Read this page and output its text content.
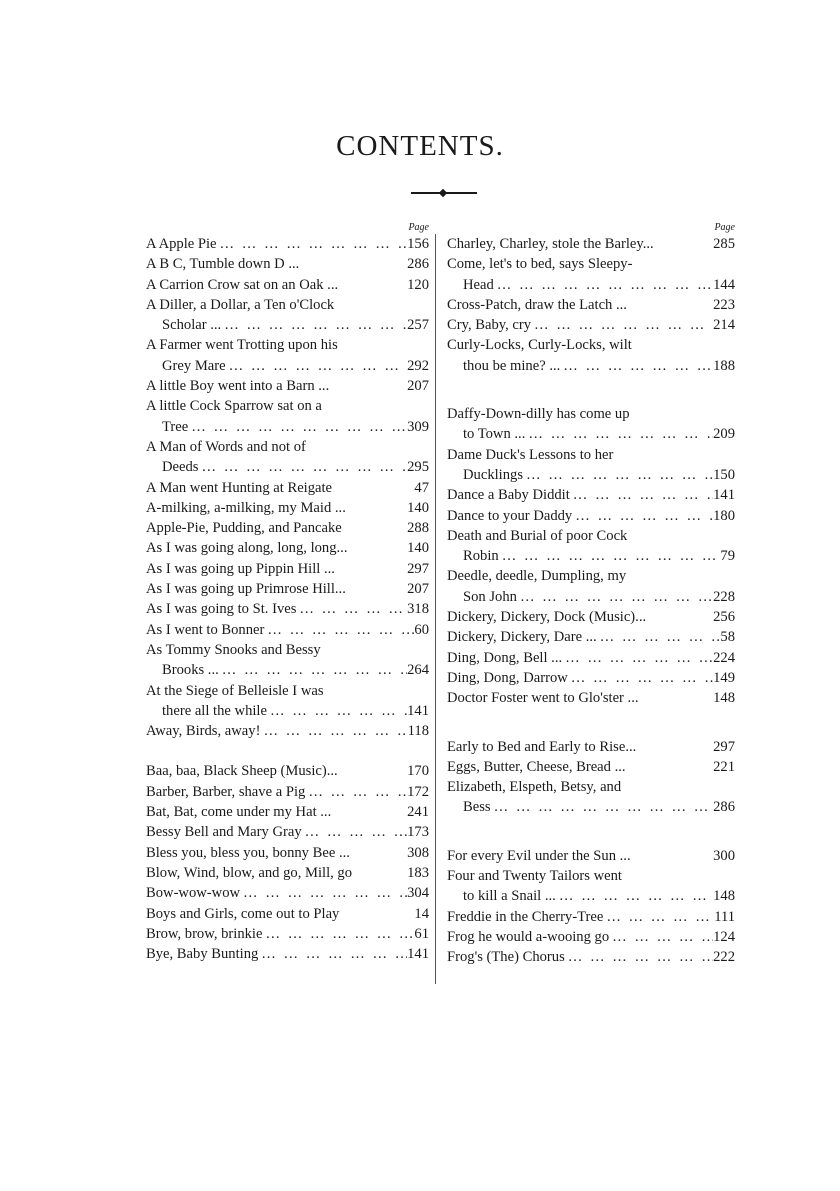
CONTENTS.
Page
A Apple Pie … … … … … … … … … … …	156
A B C, Tumble down D ...	286
A Carrion Crow sat on an Oak ...	120
A Diller, a Dollar, a Ten o'Clock
Scholar ... … … … … … … … … … … …	257
A Farmer went Trotting upon his
Grey Mare … … … … … … … … … … …	292
A little Boy went into a Barn ...	207
A little Cock Sparrow sat on a
Tree … … … … … … … … … … …	309
A Man of Words and not of
Deeds … … … … … … … … … … …	295
A Man went Hunting at Reigate	47
A-milking, a-milking, my Maid ...	140
Apple-Pie, Pudding, and Pancake	288
As I was going along, long, long...	140
As I was going up Pippin Hill ...	297
As I was going up Primrose Hill...	207
As I was going to St. Ives … … … … … … … … … … …	318
As I went to Bonner … … … … … … … … … … …	60
As Tommy Snooks and Bessy
Brooks ... … … … … … … … … … … …	264
At the Siege of Belleisle I was
there all the while … … … … … … … … … … …	141
Away, Birds, away! … … … … … … … … … … …	118
Baa, baa, Black Sheep (Music)...	170
Barber, Barber, shave a Pig … … … … … … … … … … …	172
Bat, Bat, come under my Hat ...	241
Bessy Bell and Mary Gray … … … … … … … … … … …	173
Bless you, bless you, bonny Bee ...	308
Blow, Wind, blow, and go, Mill, go	183
Bow-wow-wow … … … … … … … … … … …	304
Boys and Girls, come out to Play	14
Brow, brow, brinkie … … … … … … … … … … …	61
Bye, Baby Bunting … … … … … … … … … … …	141
Page
Charley, Charley, stole the Barley...	285
Come, let's to bed, says Sleepy-
Head … … … … … … … … … … …	144
Cross-Patch, draw the Latch ...	223
Cry, Baby, cry … … … … … … … … … … …	214
Curly-Locks, Curly-Locks, wilt
thou be mine? ... … … … … … … … … … … …	188
Daffy-Down-dilly has come up
to Town ... … … … … … … … … … … …	209
Dame Duck's Lessons to her
Ducklings … … … … … … … … … … …	150
Dance a Baby Diddit … … … … … … … … … … …	141
Dance to your Daddy … … … … … … … … … … …	180
Death and Burial of poor Cock
Robin … … … … … … … … … … …	79
Deedle, deedle, Dumpling, my
Son John … … … … … … … … … … …	228
Dickery, Dickery, Dock (Music)...	256
Dickery, Dickery, Dare ... … … … … … … … … … … …	58
Ding, Dong, Bell ... … … … … … … … … … … …	224
Ding, Dong, Darrow … … … … … … … … … … …	149
Doctor Foster went to Glo'ster ...	148
Early to Bed and Early to Rise...	297
Eggs, Butter, Cheese, Bread ...	221
Elizabeth, Elspeth, Betsy, and
Bess … … … … … … … … … … …	286
For every Evil under the Sun ...	300
Four and Twenty Tailors went
to kill a Snail ... … … … … … … … … … … …	148
Freddie in the Cherry-Tree … … … … … … … … … … …	111
Frog he would a-wooing go … … … … … … … … … … …	124
Frog's (The) Chorus … … … … … … … … … … …	222
